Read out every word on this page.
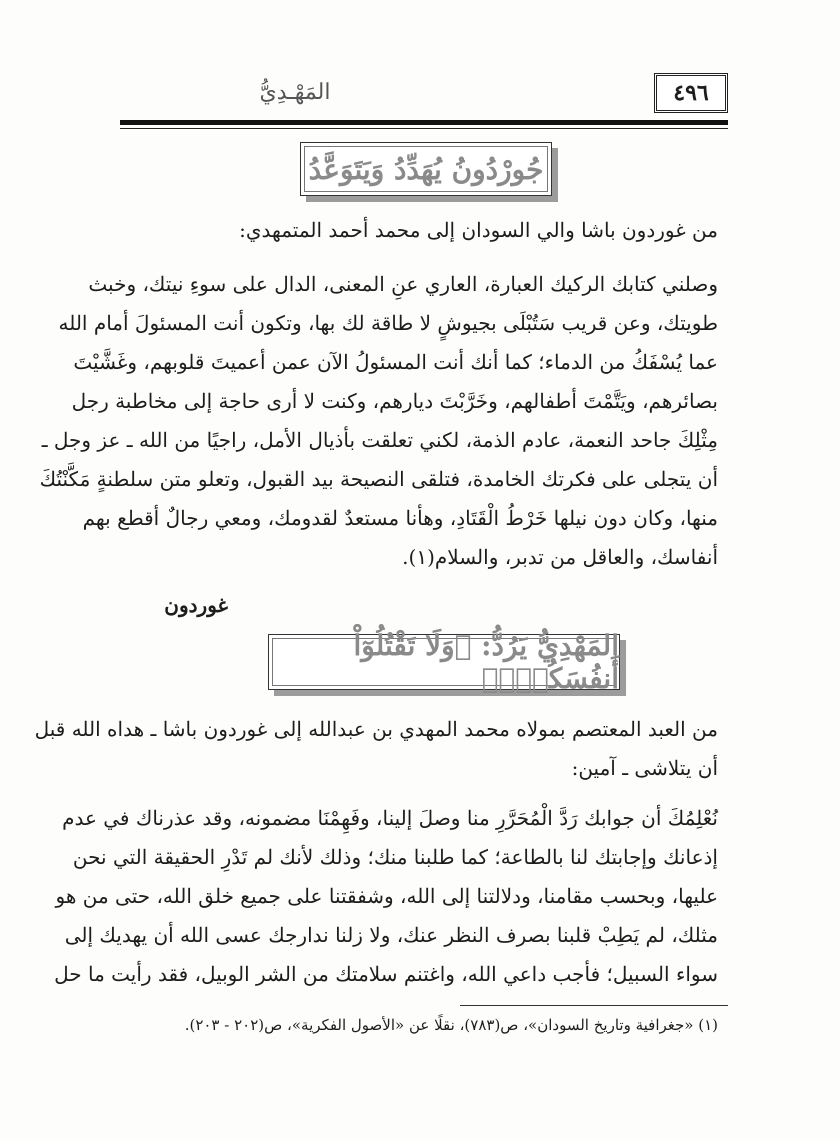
٤٩٦
المَهْـدِيُّ
جُورْدُونُ يُهَدِّدُ وَيَتَوَعَّدُ
من غوردون باشا والي السودان إلى محمد أحمد المتمهدي:
وصلني كتابك الركيك العبارة، العاري عنِ المعنى، الدال على سوءِ نيتك، وخبث
طويتك، وعن قريب سَتُبْلَى بجيوشٍ لا طاقة لك بها، وتكون أنت المسئولَ أمام الله
عما يُسْفَكُ من الدماء؛ كما أنك أنت المسئولُ الآن عمن أعميتَ قلوبهم، وغَشَّيْتَ
بصائرهم، ويَتَّمْتَ أطفالهم، وخَرَّبْتَ ديارهم، وكنت لا أرى حاجة إلى مخاطبة رجل
مِثْلِكَ جاحد النعمة، عادم الذمة، لكني تعلقت بأذيال الأمل، راجيًا من الله ـ عز وجل ـ
أن يتجلى على فكرتك الخامدة، فتلقى النصيحة بيد القبول، وتعلو متن سلطنةٍ مَكَّنْتُكَ
منها، وكان دون نيلها خَرْطُ الْقَتَادِ، وهأنا مستعدٌ لقدومك، ومعي رجالٌ أقطع بهم
أنفاسك، والعاقل من تدبر، والسلام(١).
غوردون
المَهْدِيُّ يَرُدُّ: ﴿وَلَا تَقْتُلُوٓاْ أَنفُسَكُمْۚ﴾
من العبد المعتصم بمولاه محمد المهدي بن عبدالله إلى غوردون باشا ـ هداه الله قبل
أن يتلاشى ـ آمين:
نُعْلِمُكَ أن جوابك رَدَّ الْمُحَرَّرِ منا وصلَ إلينا، وفَهِمْنَا مضمونه، وقد عذرناك في عدم
إذعانك وإجابتك لنا بالطاعة؛ كما طلبنا منك؛ وذلك لأنك لم تَدْرِ الحقيقة التي نحن
عليها، وبحسب مقامنا، ودلالتنا إلى الله، وشفقتنا على جميع خلق الله، حتى من هو
مثلك، لم يَطِبْ قلبنا بصرف النظر عنك، ولا زلنا ندارجك عسى الله أن يهديك إلى
سواء السبيل؛ فأجب داعي الله، واغتنم سلامتك من الشر الوبيل، فقد رأيت ما حل
(١) «جغرافية وتاريخ السودان»، ص(٧٨٣)، نقلًا عن «الأصول الفكرية»، ص(٢٠٢ - ٢٠٣).
